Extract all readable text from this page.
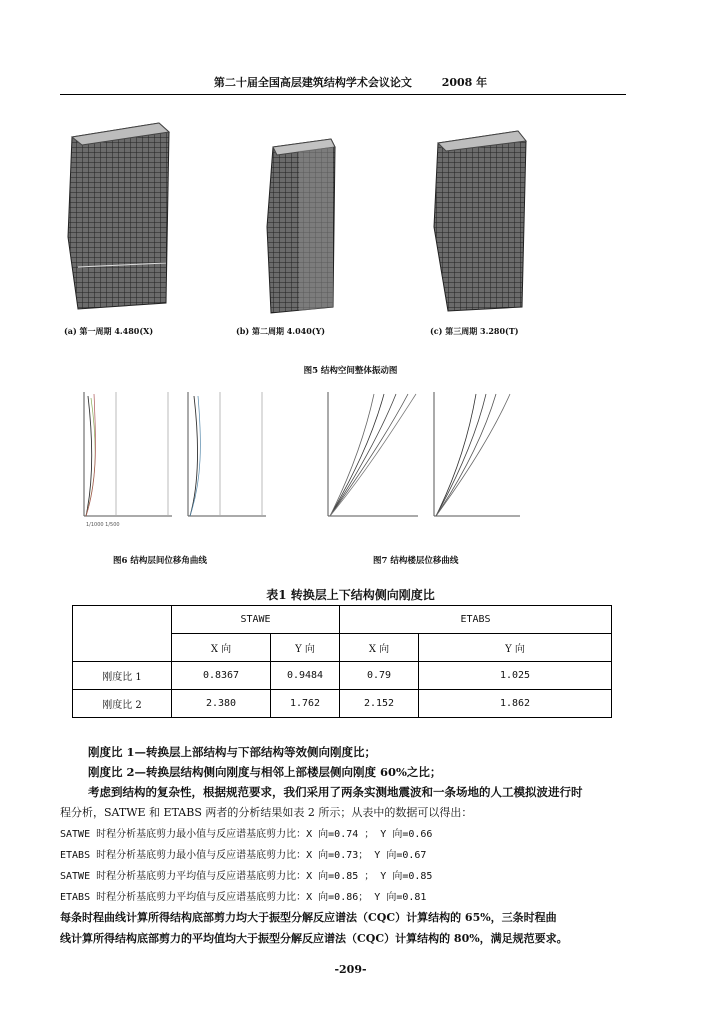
第二十届全国高层建筑结构学术会议论文	2008 年
(a) 第一周期 4.480(X)	(b) 第二周期 4.040(Y)	(c) 第三周期 3.280(T)
图5 结构空间整体振动图
1/1000 1/500
图6 结构层间位移角曲线	图7 结构楼层位移曲线
表1 转换层上下结构侧向刚度比
	STAWE		ETABS	
	X 向	Y 向	X 向	Y 向
刚度比 1	0.8367	0.9484	0.79	1.025
刚度比 2	2.380	1.762	2.152	1.862
刚度比 1—转换层上部结构与下部结构等效侧向刚度比；
刚度比 2—转换层结构侧向刚度与相邻上部楼层侧向刚度 60%之比；
考虑到结构的复杂性，根据规范要求，我们采用了两条实测地震波和一条场地的人工模拟波进行时
程分析，SATWE 和 ETABS 两者的分析结果如表 2 所示；从表中的数据可以得出：
SATWE 时程分析基底剪力最小值与反应谱基底剪力比：X 向=0.74 ； Y 向=0.66
ETABS 时程分析基底剪力最小值与反应谱基底剪力比：X 向=0.73； Y 向=0.67
SATWE 时程分析基底剪力平均值与反应谱基底剪力比：X 向=0.85 ； Y 向=0.85
ETABS 时程分析基底剪力平均值与反应谱基底剪力比：X 向=0.86； Y 向=0.81
每条时程曲线计算所得结构底部剪力均大于振型分解反应谱法（CQC）计算结构的 65%，三条时程曲
线计算所得结构底部剪力的平均值均大于振型分解反应谱法（CQC）计算结构的 80%，满足规范要求。
-209-
